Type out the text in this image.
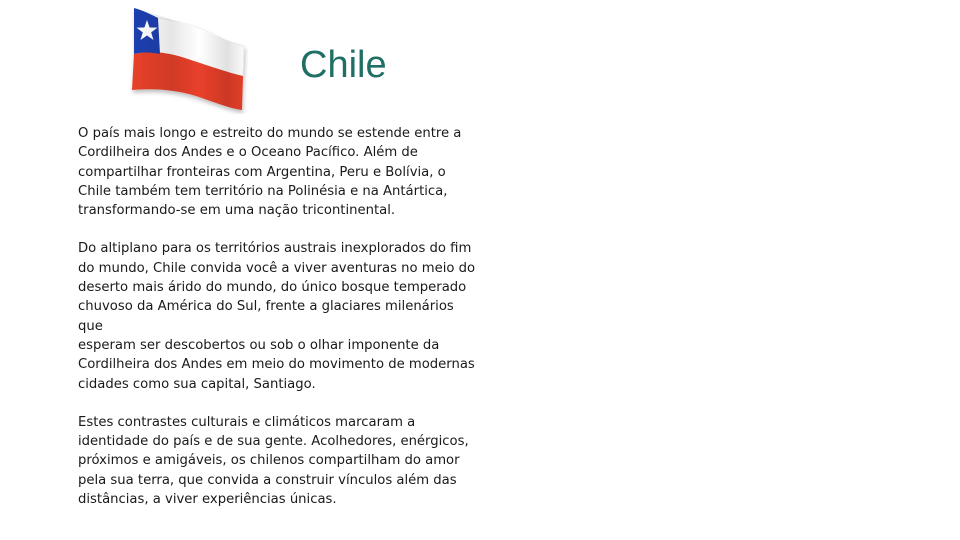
Chile

O país mais longo e estreito do mundo se estende entre a
Cordilheira dos Andes e o Oceano Pacífico. Além de
compartilhar fronteiras com Argentina, Peru e Bolívia, o
Chile também tem território na Polinésia e na Antártica,
transformando-se em uma nação tricontinental.

Do altiplano para os territórios austrais inexplorados do fim
do mundo, Chile convida você a viver aventuras no meio do
deserto mais árido do mundo, do único bosque temperado
chuvoso da América do Sul, frente a glaciares milenários que
esperam ser descobertos ou sob o olhar imponente da
Cordilheira dos Andes em meio do movimento de modernas
cidades como sua capital, Santiago.

Estes contrastes culturais e climáticos marcaram a
identidade do país e de sua gente. Acolhedores, enérgicos,
próximos e amigáveis, os chilenos compartilham do amor
pela sua terra, que convida a construir vínculos além das
distâncias, a viver experiências únicas.
